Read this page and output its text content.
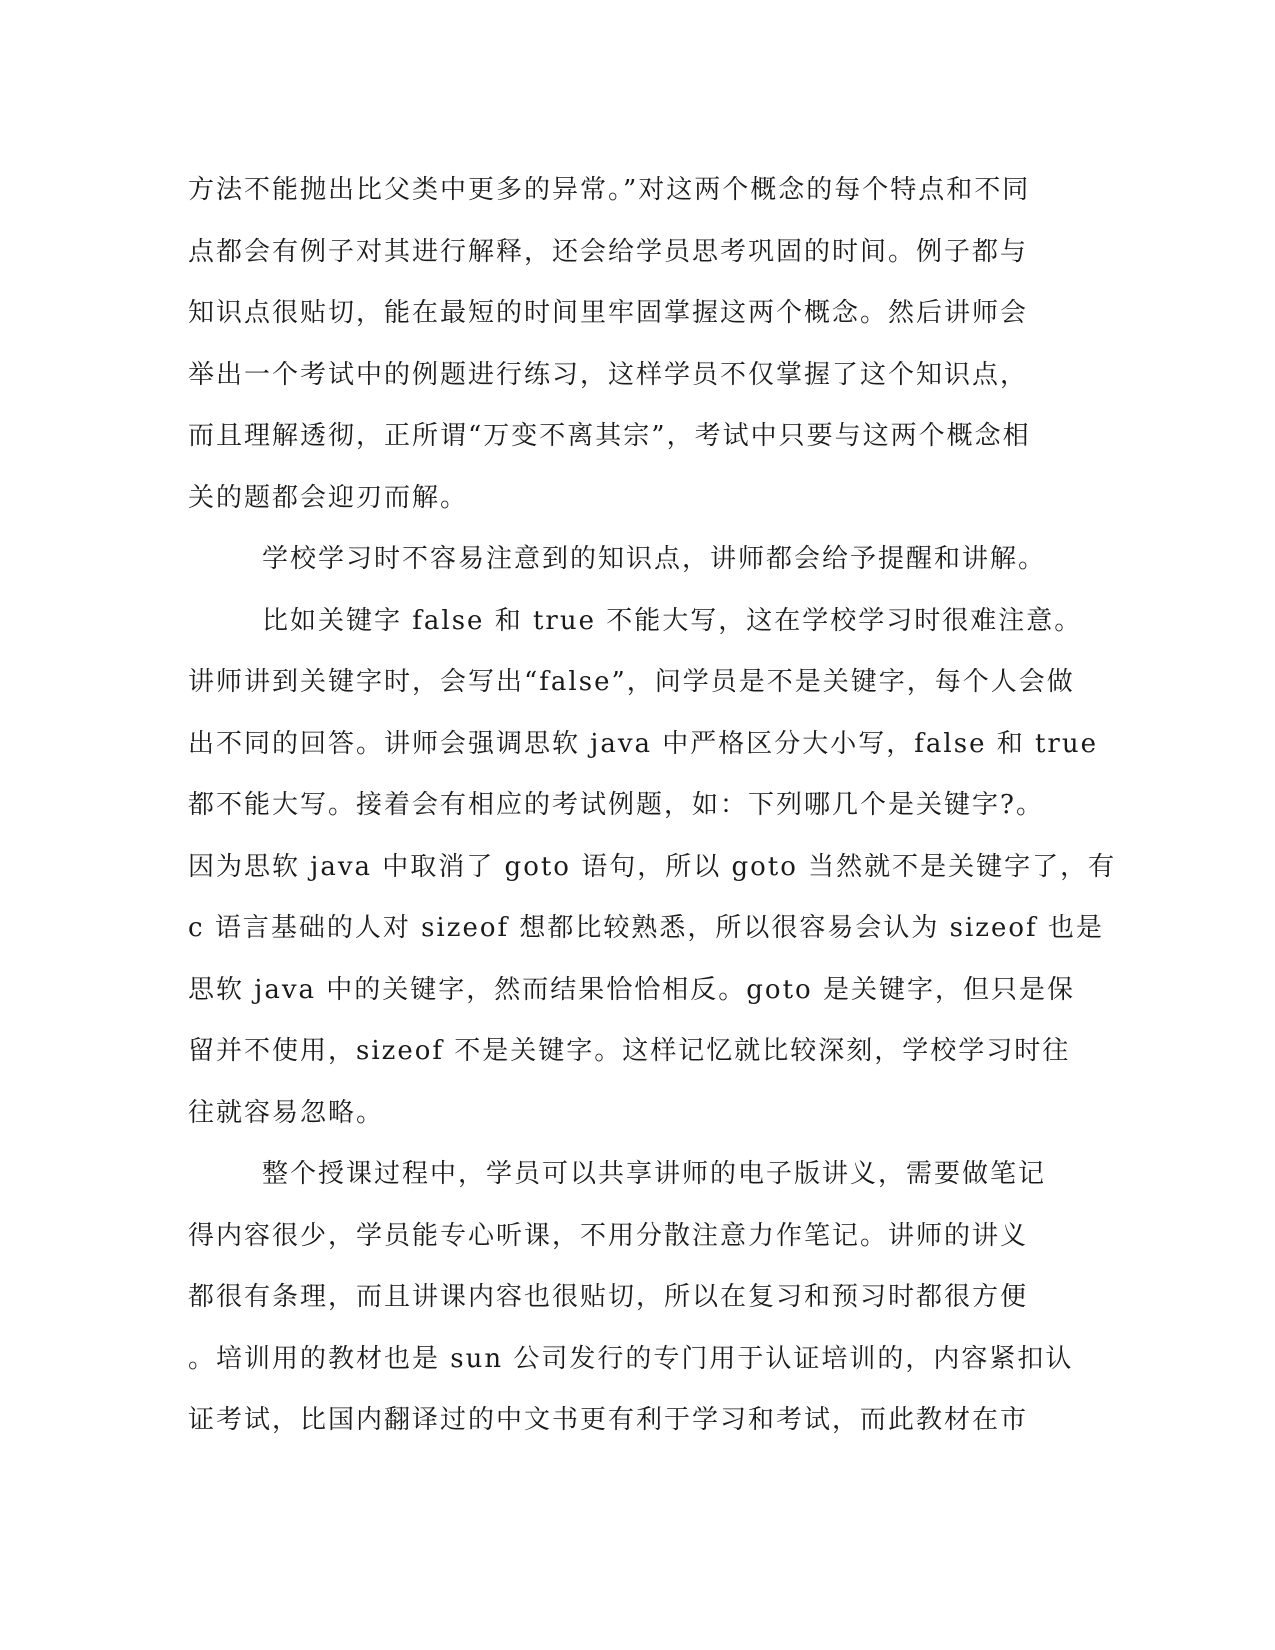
方法不能抛出比父类中更多的异常。”对这两个概念的每个特点和不同
点都会有例子对其进行解释，还会给学员思考巩固的时间。例子都与
知识点很贴切，能在最短的时间里牢固掌握这两个概念。然后讲师会
举出一个考试中的例题进行练习，这样学员不仅掌握了这个知识点，
而且理解透彻，正所谓“万变不离其宗”，考试中只要与这两个概念相
关的题都会迎刃而解。
学校学习时不容易注意到的知识点，讲师都会给予提醒和讲解。
比如关键字 false 和 true 不能大写，这在学校学习时很难注意。
讲师讲到关键字时，会写出“false”，问学员是不是关键字，每个人会做
出不同的回答。讲师会强调思软 java 中严格区分大小写，false 和 true
都不能大写。接着会有相应的考试例题，如：下列哪几个是关键字?。
因为思软 java 中取消了 goto 语句，所以 goto 当然就不是关键字了，有
c 语言基础的人对 sizeof 想都比较熟悉，所以很容易会认为 sizeof 也是
思软 java 中的关键字，然而结果恰恰相反。goto 是关键字，但只是保
留并不使用，sizeof 不是关键字。这样记忆就比较深刻，学校学习时往
往就容易忽略。
整个授课过程中，学员可以共享讲师的电子版讲义，需要做笔记
得内容很少，学员能专心听课，不用分散注意力作笔记。讲师的讲义
都很有条理，而且讲课内容也很贴切，所以在复习和预习时都很方便
。培训用的教材也是 sun 公司发行的专门用于认证培训的，内容紧扣认
证考试，比国内翻译过的中文书更有利于学习和考试，而此教材在市
